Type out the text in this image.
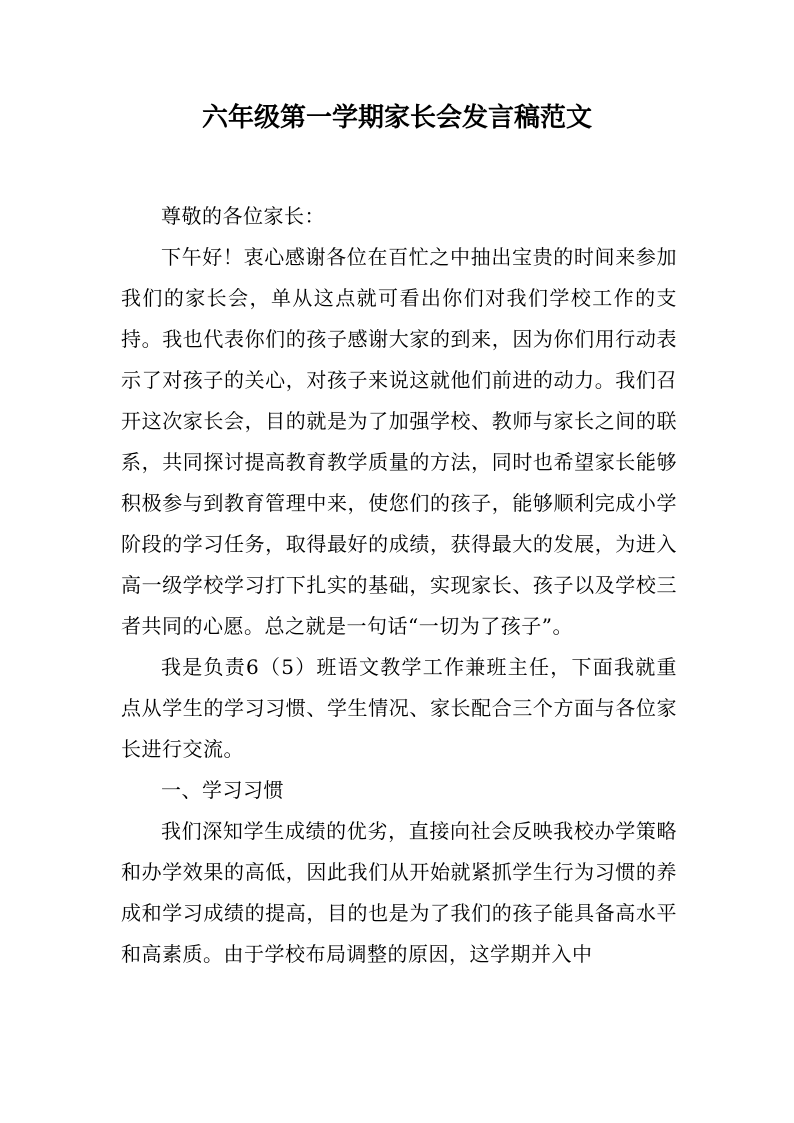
六年级第一学期家长会发言稿范文

尊敬的各位家长：

下午好！衷心感谢各位在百忙之中抽出宝贵的时间来参加我们的家长会，单从这点就可看出你们对我们学校工作的支持。我也代表你们的孩子感谢大家的到来，因为你们用行动表示了对孩子的关心，对孩子来说这就他们前进的动力。我们召开这次家长会，目的就是为了加强学校、教师与家长之间的联系，共同探讨提高教育教学质量的方法，同时也希望家长能够积极参与到教育管理中来，使您们的孩子，能够顺利完成小学阶段的学习任务，取得最好的成绩，获得最大的发展，为进入高一级学校学习打下扎实的基础，实现家长、孩子以及学校三者共同的心愿。总之就是一句话“一切为了孩子”。

我是负责6（5）班语文教学工作兼班主任，下面我就重点从学生的学习习惯、学生情况、家长配合三个方面与各位家长进行交流。

一、学习习惯

我们深知学生成绩的优劣，直接向社会反映我校办学策略和办学效果的高低，因此我们从开始就紧抓学生行为习惯的养成和学习成绩的提高，目的也是为了我们的孩子能具备高水平和高素质。由于学校布局调整的原因，这学期并入中
